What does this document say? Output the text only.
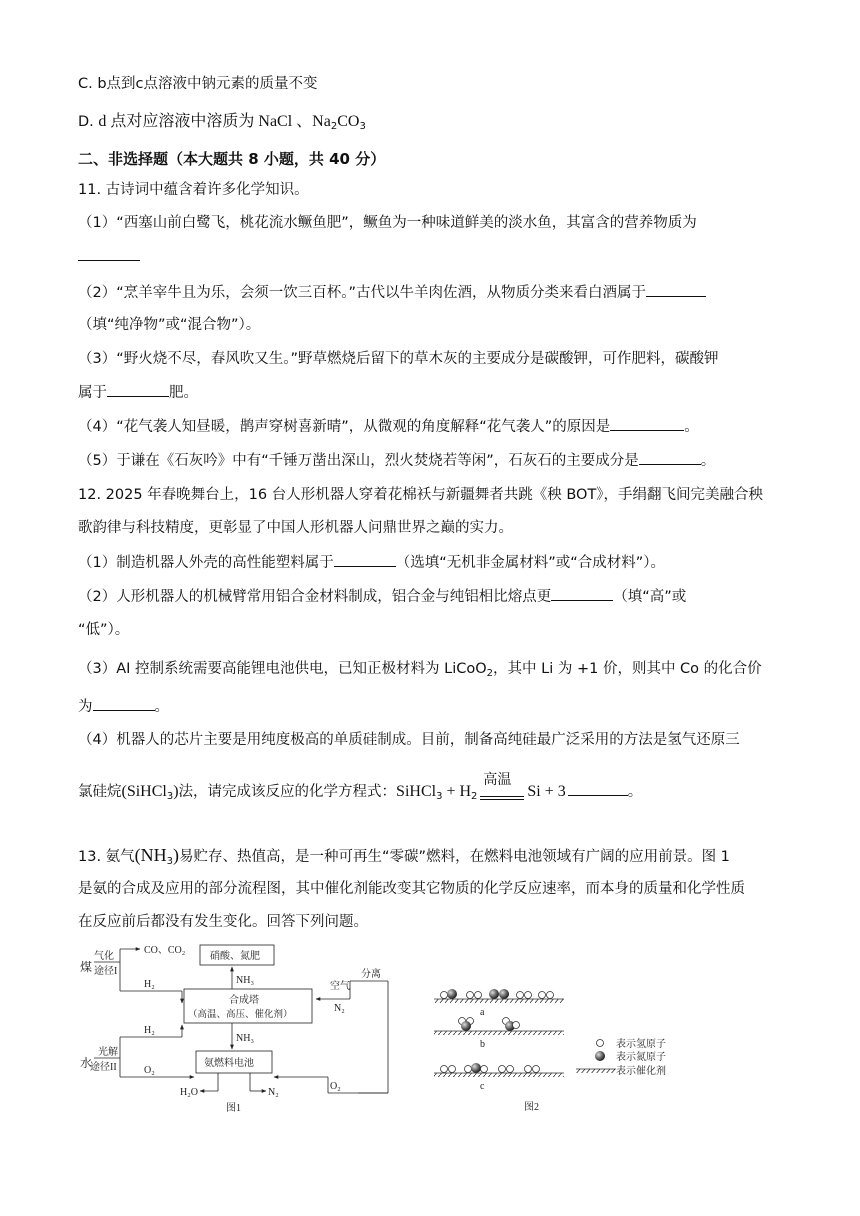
C. b点到c点溶液中钠元素的质量不变
D. d 点对应溶液中溶质为 NaCl 、$Na_2CO_3$
二、非选择题（本大题共 8 小题，共 40 分）
11. 古诗词中蕴含着许多化学知识。
（1）“西塞山前白鹭飞，桃花流水鳜鱼肥”，鳜鱼为一种味道鲜美的淡水鱼，其富含的营养物质为
（2）“烹羊宰牛且为乐，会须一饮三百杯。”古代以牛羊肉佐酒，从物质分类来看白酒属于
（填“纯净物”或“混合物”）。
（3）“野火烧不尽，春风吹又生。”野草燃烧后留下的草木灰的主要成分是碳酸钾，可作肥料，碳酸钾
属于	肥。
（4）“花气袭人知昼暖，鹊声穿树喜新晴”，从微观的角度解释“花气袭人”的原因是	。
（5）于谦在《石灰吟》中有“千锤万凿出深山，烈火焚烧若等闲”，石灰石的主要成分是	。
12. 2025 年春晚舞台上，16 台人形机器人穿着花棉袄与新疆舞者共跳《秧 BOT》，手绢翻飞间完美融合秧
歌韵律与科技精度，更彰显了中国人形机器人问鼎世界之巅的实力。
（1）制造机器人外壳的高性能塑料属于	（选填“无机非金属材料”或“合成材料”）。
（2）人形机器人的机械臂常用铝合金材料制成，铝合金与纯铝相比熔点更	（填“高”或
“低”）。
（3）AI 控制系统需要高能锂电池供电，已知正极材料为 LiCoO$_2$，其中 Li 为 +1 价，则其中 Co 的化合价
为	。
（4）机器人的芯片主要是用纯度极高的单质硅制成。目前，制备高纯硅最广泛采用的方法是氢气还原三
氯硅烷(SiHCl$_3$)法，请完成该反应的化学方程式：SiHCl$_3$ + $H_2$
高温
Si + 3	。
13. 氨气$(NH_3)$易贮存、热值高，是一种可再生“零碳”燃料，在燃料电池领域有广阔的应用前景。图 1
是氨的合成及应用的部分流程图，其中催化剂能改变其它物质的化学反应速率，而本身的质量和化学性质
在反应前后都没有发生变化。回答下列问题。
煤
气化
途径I
CO、CO₂
H₂
硝酸、氮肥
NH₃
合成塔
（高温、高压、催化剂）
空气
分离
N₂
NH₃
水
光解
途径II
H₂
O₂
氨燃料电池
O₂
H₂O	N₂
图1
a
b
c
表示氢原子
表示氮原子
表示催化剂
图2
